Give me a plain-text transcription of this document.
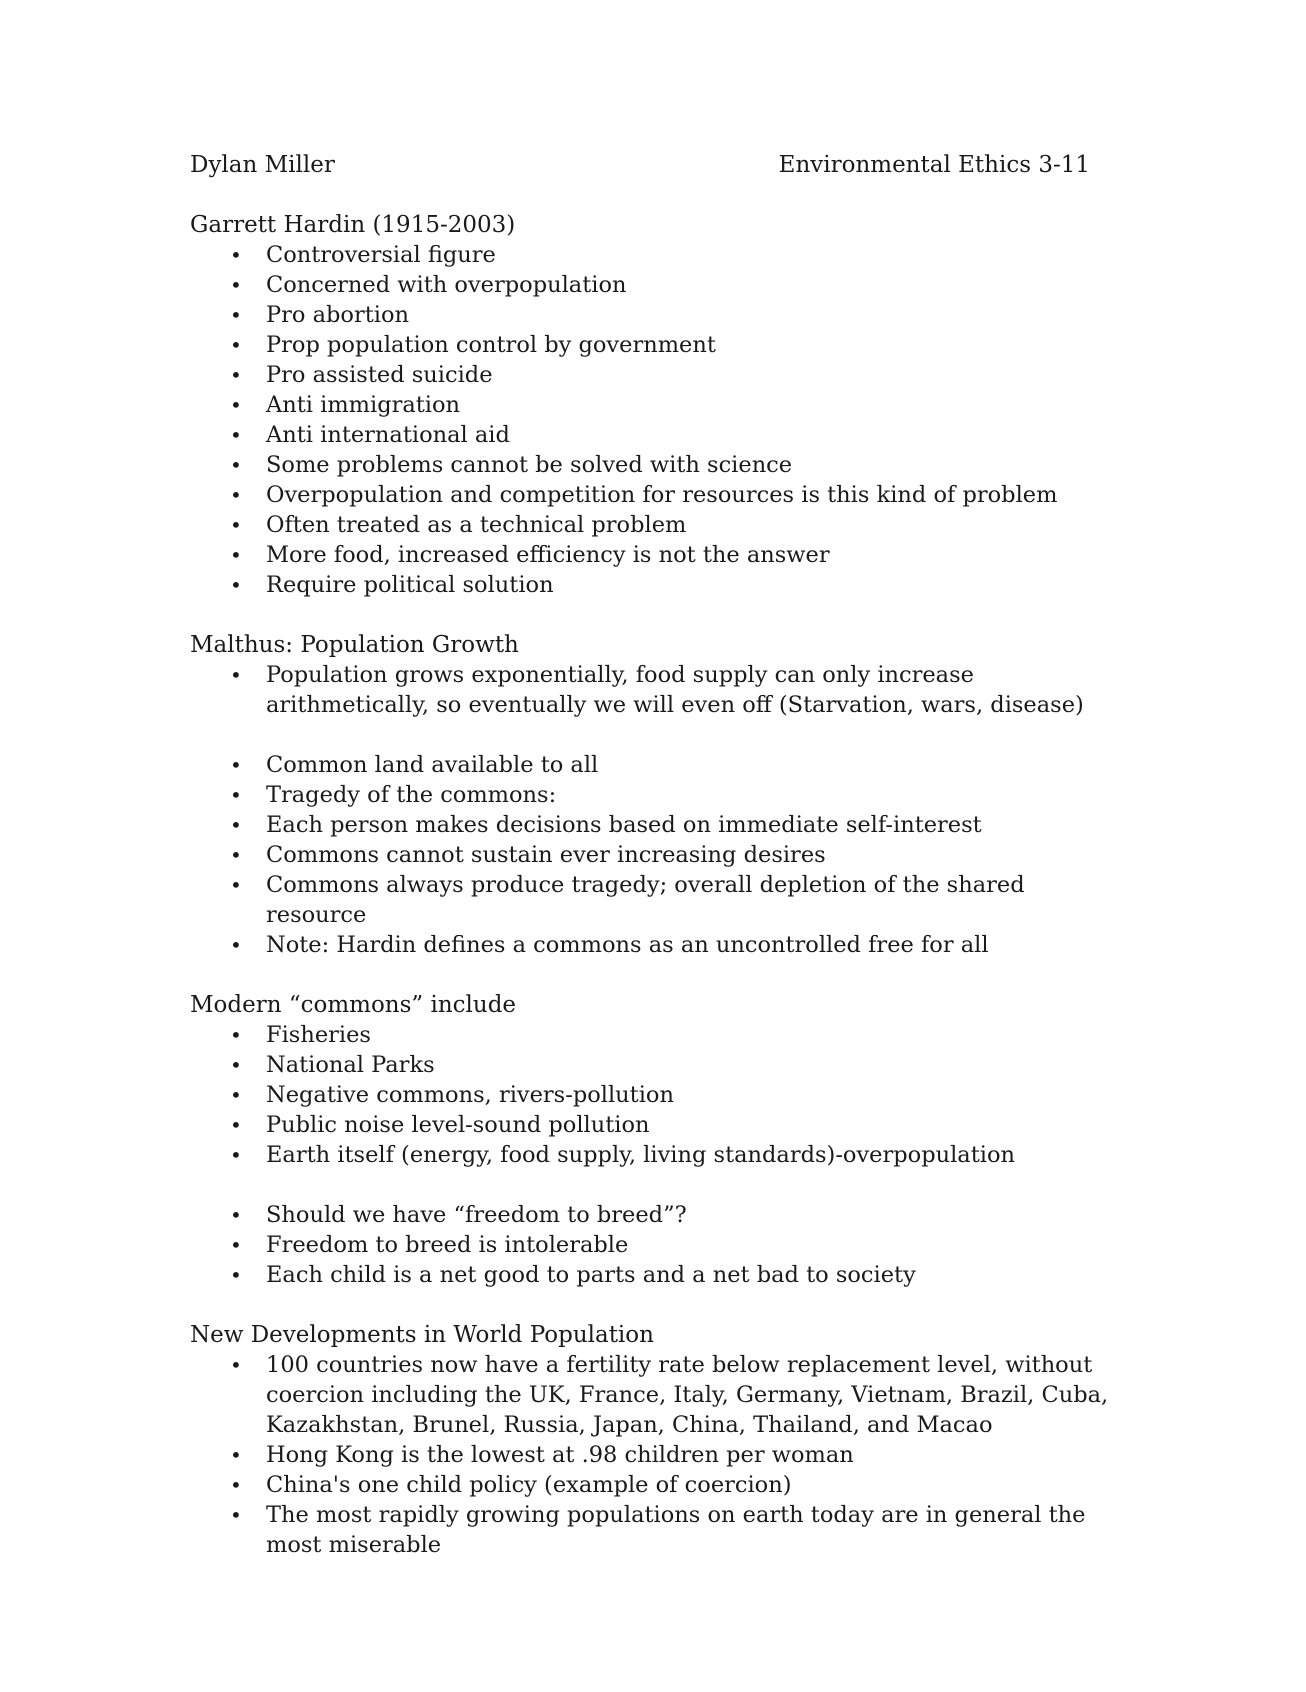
Dylan Miller	Environmental Ethics 3-11
Garrett Hardin (1915-2003)
•
Controversial figure
•
Concerned with overpopulation
•
Pro abortion
•
Prop population control by government
•
Pro assisted suicide
•
Anti immigration
•
Anti international aid
•
Some problems cannot be solved with science
•
Overpopulation and competition for resources is this kind of problem
•
Often treated as a technical problem
•
More food, increased efficiency is not the answer
•
Require political solution
Malthus: Population Growth
•
Population grows exponentially, food supply can only increase arithmetically, so eventually we will even off (Starvation, wars, disease)
•
Common land available to all
•
Tragedy of the commons:
•
Each person makes decisions based on immediate self-interest
•
Commons cannot sustain ever increasing desires
•
Commons always produce tragedy; overall depletion of the shared resource
•
Note: Hardin defines a commons as an uncontrolled free for all
Modern “commons” include
•
Fisheries
•
National Parks
•
Negative commons, rivers-pollution
•
Public noise level-sound pollution
•
Earth itself (energy, food supply, living standards)-overpopulation
•
Should we have “freedom to breed”?
•
Freedom to breed is intolerable
•
Each child is a net good to parts and a net bad to society
New Developments in World Population
•
100 countries now have a fertility rate below replacement level, without coercion including the UK, France, Italy, Germany, Vietnam, Brazil, Cuba, Kazakhstan, Brunel, Russia, Japan, China, Thailand, and Macao
•
Hong Kong is the lowest at .98 children per woman
•
China's one child policy (example of coercion)
•
The most rapidly growing populations on earth today are in general the most miserable
